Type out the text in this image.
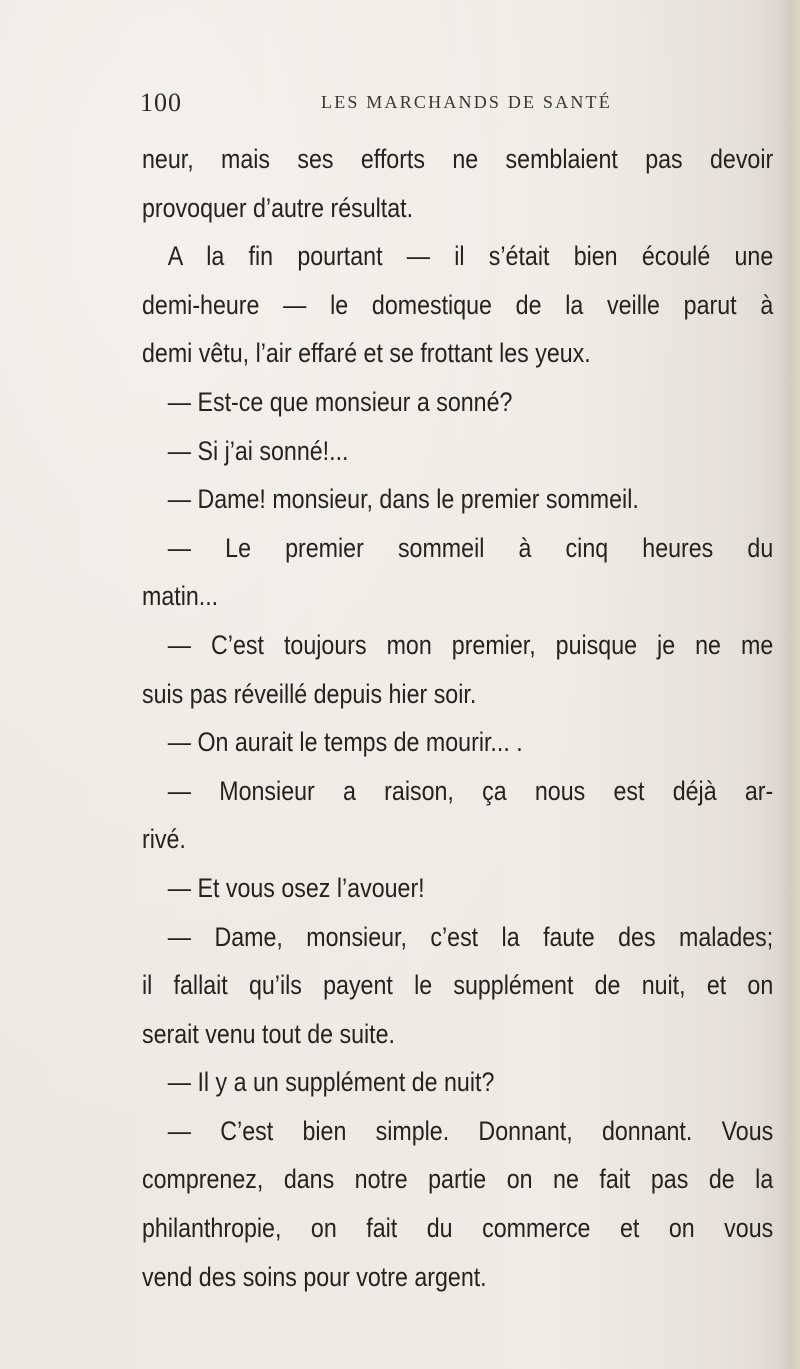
100	LES MARCHANDS DE SANTÉ
neur, mais ses efforts ne semblaient pas devoir
provoquer d’autre résultat.
A la fin pourtant — il s’était bien écoulé une
demi-heure — le domestique de la veille parut à
demi vêtu, l’air effaré et se frottant les yeux.
— Est-ce que monsieur a sonné?
— Si j’ai sonné!...
— Dame! monsieur, dans le premier sommeil.
— Le premier sommeil à cinq heures du
matin...
— C’est toujours mon premier, puisque je ne me
suis pas réveillé depuis hier soir.
— On aurait le temps de mourir... .
— Monsieur a raison, ça nous est déjà ar-
rivé.
— Et vous osez l’avouer!
— Dame, monsieur, c’est la faute des malades;
il fallait qu’ils payent le supplément de nuit, et on
serait venu tout de suite.
— Il y a un supplément de nuit?
— C’est bien simple. Donnant, donnant. Vous
comprenez, dans notre partie on ne fait pas de la
philanthropie, on fait du commerce et on vous
vend des soins pour votre argent.
